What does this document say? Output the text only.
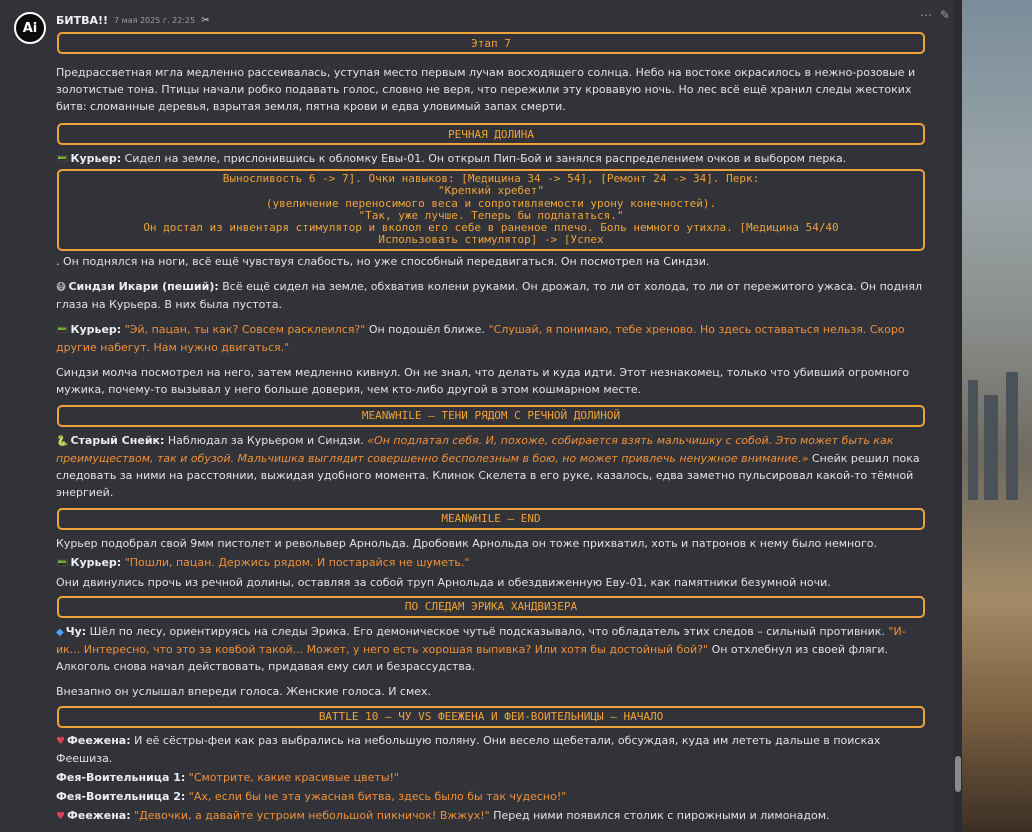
Ai
БИТВА!! 7 мая 2025 г. 22:25 ✂	⋯ ✎
Этап 7
Предрассветная мгла медленно рассеивалась, уступая место первым лучам восходящего солнца. Небо на востоке окрасилось в нежно-розовые и золотистые тона. Птицы начали робко подавать голос, словно не веря, что пережили эту кровавую ночь. Но лес всё ещё хранил следы жестоких битв: сломанные деревья, взрытая земля, пятна крови и едва уловимый запах смерти.
РЕЧНАЯ ДОЛИНА
📟 Курьер: Сидел на земле, прислонившись к обломку Евы-01. Он открыл Пип-Бой и занялся распределением очков и выбором перка.
Выносливость 6 -> 7]. Очки навыков: [Медицина 34 -> 54], [Ремонт 24 -> 34]. Перк:
"Крепкий хребет"
(увеличение переносимого веса и сопротивляемости урону конечностей).
"Так, уже лучше. Теперь бы подлататься."
Он достал из инвентаря стимулятор и вколол его себе в раненое плечо. Боль немного утихла. [Медицина 54/40
Использовать стимулятор] -> [Успех
. Он поднялся на ноги, всё ещё чувствуя слабость, но уже способный передвигаться. Он посмотрел на Синдзи.
😷 Синдзи Икари (пеший): Всё ещё сидел на земле, обхватив колени руками. Он дрожал, то ли от холода, то ли от пережитого ужаса. Он поднял глаза на Курьера. В них была пустота.
📟 Курьер: "Эй, пацан, ты как? Совсем расклеился?" Он подошёл ближе. "Слушай, я понимаю, тебе хреново. Но здесь оставаться нельзя. Скоро другие набегут. Нам нужно двигаться."
Синдзи молча посмотрел на него, затем медленно кивнул. Он не знал, что делать и куда идти. Этот незнакомец, только что убивший огромного мужика, почему-то вызывал у него больше доверия, чем кто-либо другой в этом кошмарном месте.
MEANWHILE – ТЕНИ РЯДОМ С РЕЧНОЙ ДОЛИНОЙ
🐍 Старый Снейк: Наблюдал за Курьером и Синдзи. «Он подлатал себя. И, похоже, собирается взять мальчишку с собой. Это может быть как преимуществом, так и обузой. Мальчишка выглядит совершенно бесполезным в бою, но может привлечь ненужное внимание.» Снейк решил пока следовать за ними на расстоянии, выжидая удобного момента. Клинок Скелета в его руке, казалось, едва заметно пульсировал какой-то тёмной энергией.
MEANWHILE – END
Курьер подобрал свой 9мм пистолет и револьвер Арнольда. Дробовик Арнольда он тоже прихватил, хоть и патронов к нему было немного.
📟 Курьер: "Пошли, пацан. Держись рядом. И постарайся не шуметь."
Они двинулись прочь из речной долины, оставляя за собой труп Арнольда и обездвиженную Еву-01, как памятники безумной ночи.
ПО СЛЕДАМ ЭРИКА ХАНДВИЗЕРА
◆ Чу: Шёл по лесу, ориентируясь на следы Эрика. Его демоническое чутьё подсказывало, что обладатель этих следов – сильный противник. "И-ик... Интересно, что это за ковбой такой... Может, у него есть хорошая выпивка? Или хотя бы достойный бой?" Он отхлебнул из своей фляги. Алкоголь снова начал действовать, придавая ему сил и безрассудства.
Внезапно он услышал впереди голоса. Женские голоса. И смех.
BATTLE 10 – ЧУ VS ФЕЕЖЕНА И ФЕИ-ВОИТЕЛЬНИЦЫ – НАЧАЛО
♥ Феежена: И её сёстры-феи как раз выбрались на небольшую поляну. Они весело щебетали, обсуждая, куда им лететь дальше в поисках Феешиза.
Фея-Воительница 1: "Смотрите, какие красивые цветы!"
Фея-Воительница 2: "Ах, если бы не эта ужасная битва, здесь было бы так чудесно!"
♥ Феежена: "Девочки, а давайте устроим небольшой пикничок! Вжжух!" Перед ними появился столик с пирожными и лимонадом.
